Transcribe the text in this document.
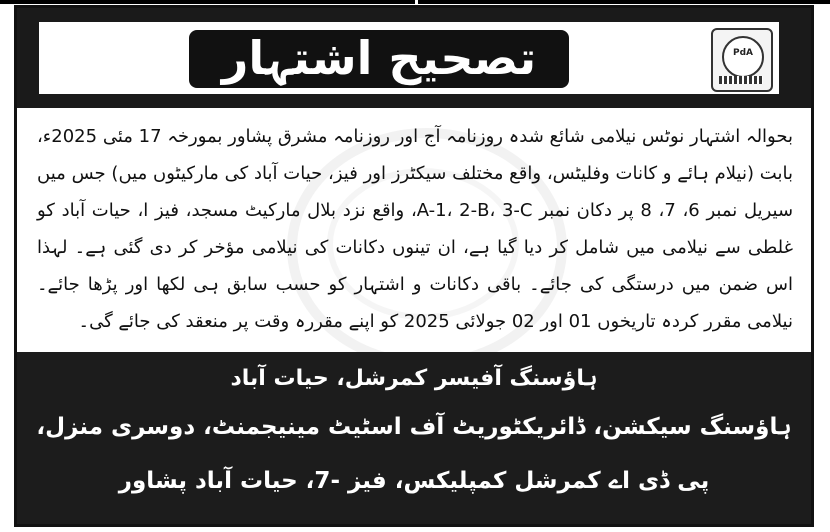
تصحیح اشتہار	PdA
بحوالہ اشتہار نوٹس نیلامی شائع شدہ روزنامہ آج اور روزنامہ مشرق پشاور بمورخہ 17 مئی 2025ء، بابت (نیلام ہائے و کانات وفلیٹس، واقع مختلف سیکٹرز اور فیز، حیات آباد کی مارکیٹوں میں) جس میں سیریل نمبر 6، 7، 8 پر دکان نمبر A-1، 2-B، 3-C، واقع نزد بلال مارکیٹ مسجد، فیز ا، حیات آباد کو غلطی سے نیلامی میں شامل کر دیا گیا ہے، ان تینوں دکانات کی نیلامی مؤخر کر دی گئی ہے۔ لہذا اس ضمن میں درستگی کی جائے۔ باقی دکانات و اشتہار کو حسب سابق ہی لکھا اور پڑھا جائے۔ نیلامی مقرر کردہ تاریخوں 01 اور 02 جولائی 2025 کو اپنے مقررہ وقت پر منعقد کی جائے گی۔
ہاؤسنگ آفیسر کمرشل، حیات آباد
ہاؤسنگ سیکشن، ڈائریکٹوریٹ آف اسٹیٹ مینیجمنٹ، دوسری منزل،
پی ڈی اے کمرشل کمپلیکس، فیز -7، حیات آباد پشاور
